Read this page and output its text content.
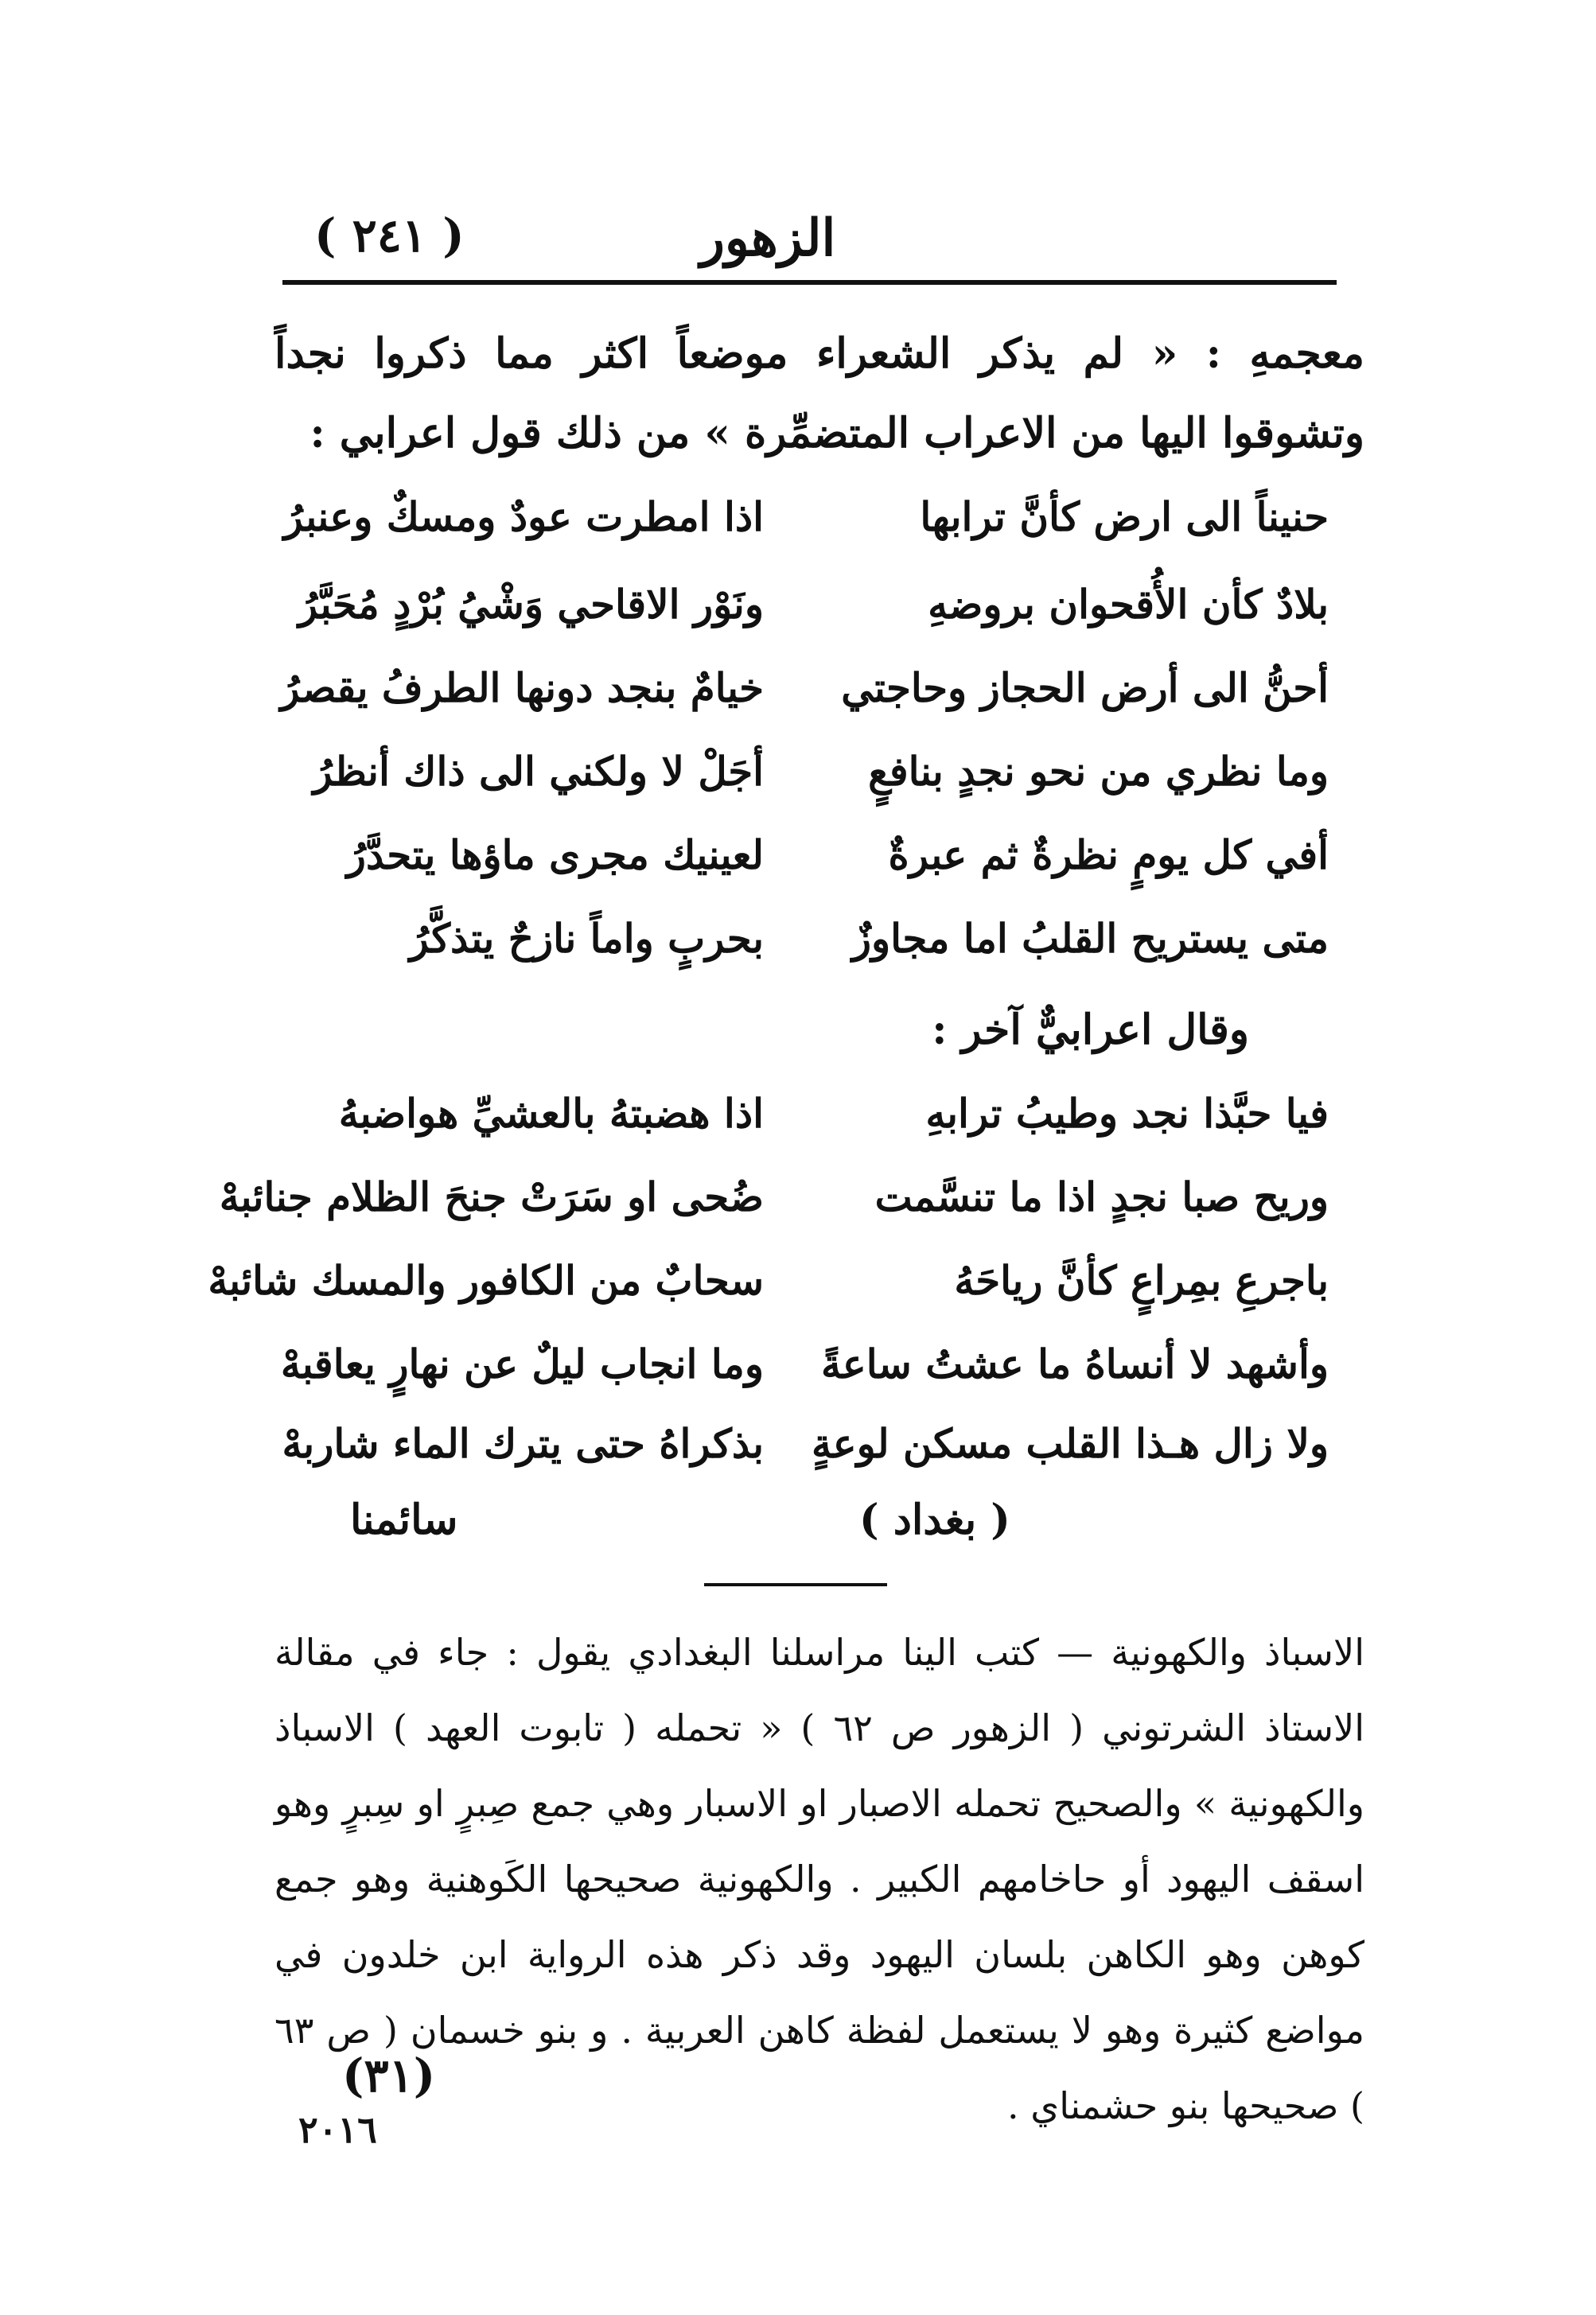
( ٢٤١ )	الزهور
معجمهِ : « لم يذكر الشعراء موضعاً اكثر مما ذكروا نجداً وتشوقوا اليها من الاعراب المتضمِّرة » من ذلك قول اعرابي :
حنيناً الى ارض كأنَّ ترابها
اذا امطرت عودٌ ومسكٌ وعنبرُ
بلادٌ كأن الأُقحوان بروضهِ
ونَوْر الاقاحي وَشْيُ بُرْدٍ مُحَبَّرُ
أحنُّ الى أرض الحجاز وحاجتي
خيامٌ بنجد دونها الطرفُ يقصرُ
وما نظري من نحو نجدٍ بنافعٍ
أجَلْ لا ولكني الى ذاك أنظرُ
أفي كل يومٍ نظرةٌ ثم عبرةٌ
لعينيك مجرى ماؤها يتحدَّرُ
متى يستريح القلبُ اما مجاوزٌ
بحربٍ واماً نازحٌ يتذكَّرُ
وقال اعرابيٌّ آخر :
فيا حبَّذا نجد وطيبُ ترابهِ
اذا هضبتهُ بالعشيِّ هواضبهُ
وريح صبا نجدٍ اذا ما تنسَّمت
ضُحى او سَرَتْ جنحَ الظلام جنائبهْ
باجرعِ بمِراعٍ كأنَّ رياحَهُ
سحابٌ من الكافور والمسك شائبهْ
وأشهد لا أنساهُ ما عشتُ ساعةً
وما انجاب ليلٌ عن نهارٍ يعاقبهْ
ولا زال هـذا القلب مسكن لوعةٍ
بذكراهُ حتى يترك الماء شاربهْ
( بغداد )
سائمنا
الاسباذ والكهونية — كتب الينا مراسلنا البغدادي يقول : جاء في مقالة الاستاذ الشرتوني ( الزهور ص ٦٢ ) « تحمله ( تابوت العهد ) الاسباذ والكهونية » والصحيح تحمله الاصبار او الاسبار وهي جمع صِبرٍ او سِبرٍ وهو اسقف اليهود أو حاخامهم الكبير . والكهونية صحيحها الكَوهنية وهو جمع كوهن وهو الكاهن بلسان اليهود وقد ذكر هذه الرواية ابن خلدون في مواضع كثيرة وهو لا يستعمل لفظة كاهن العربية . و بنو خسمان ( ص ٦٣ ) صحيحها بنو حشمناي .
(٣١)
٢٠١٦
